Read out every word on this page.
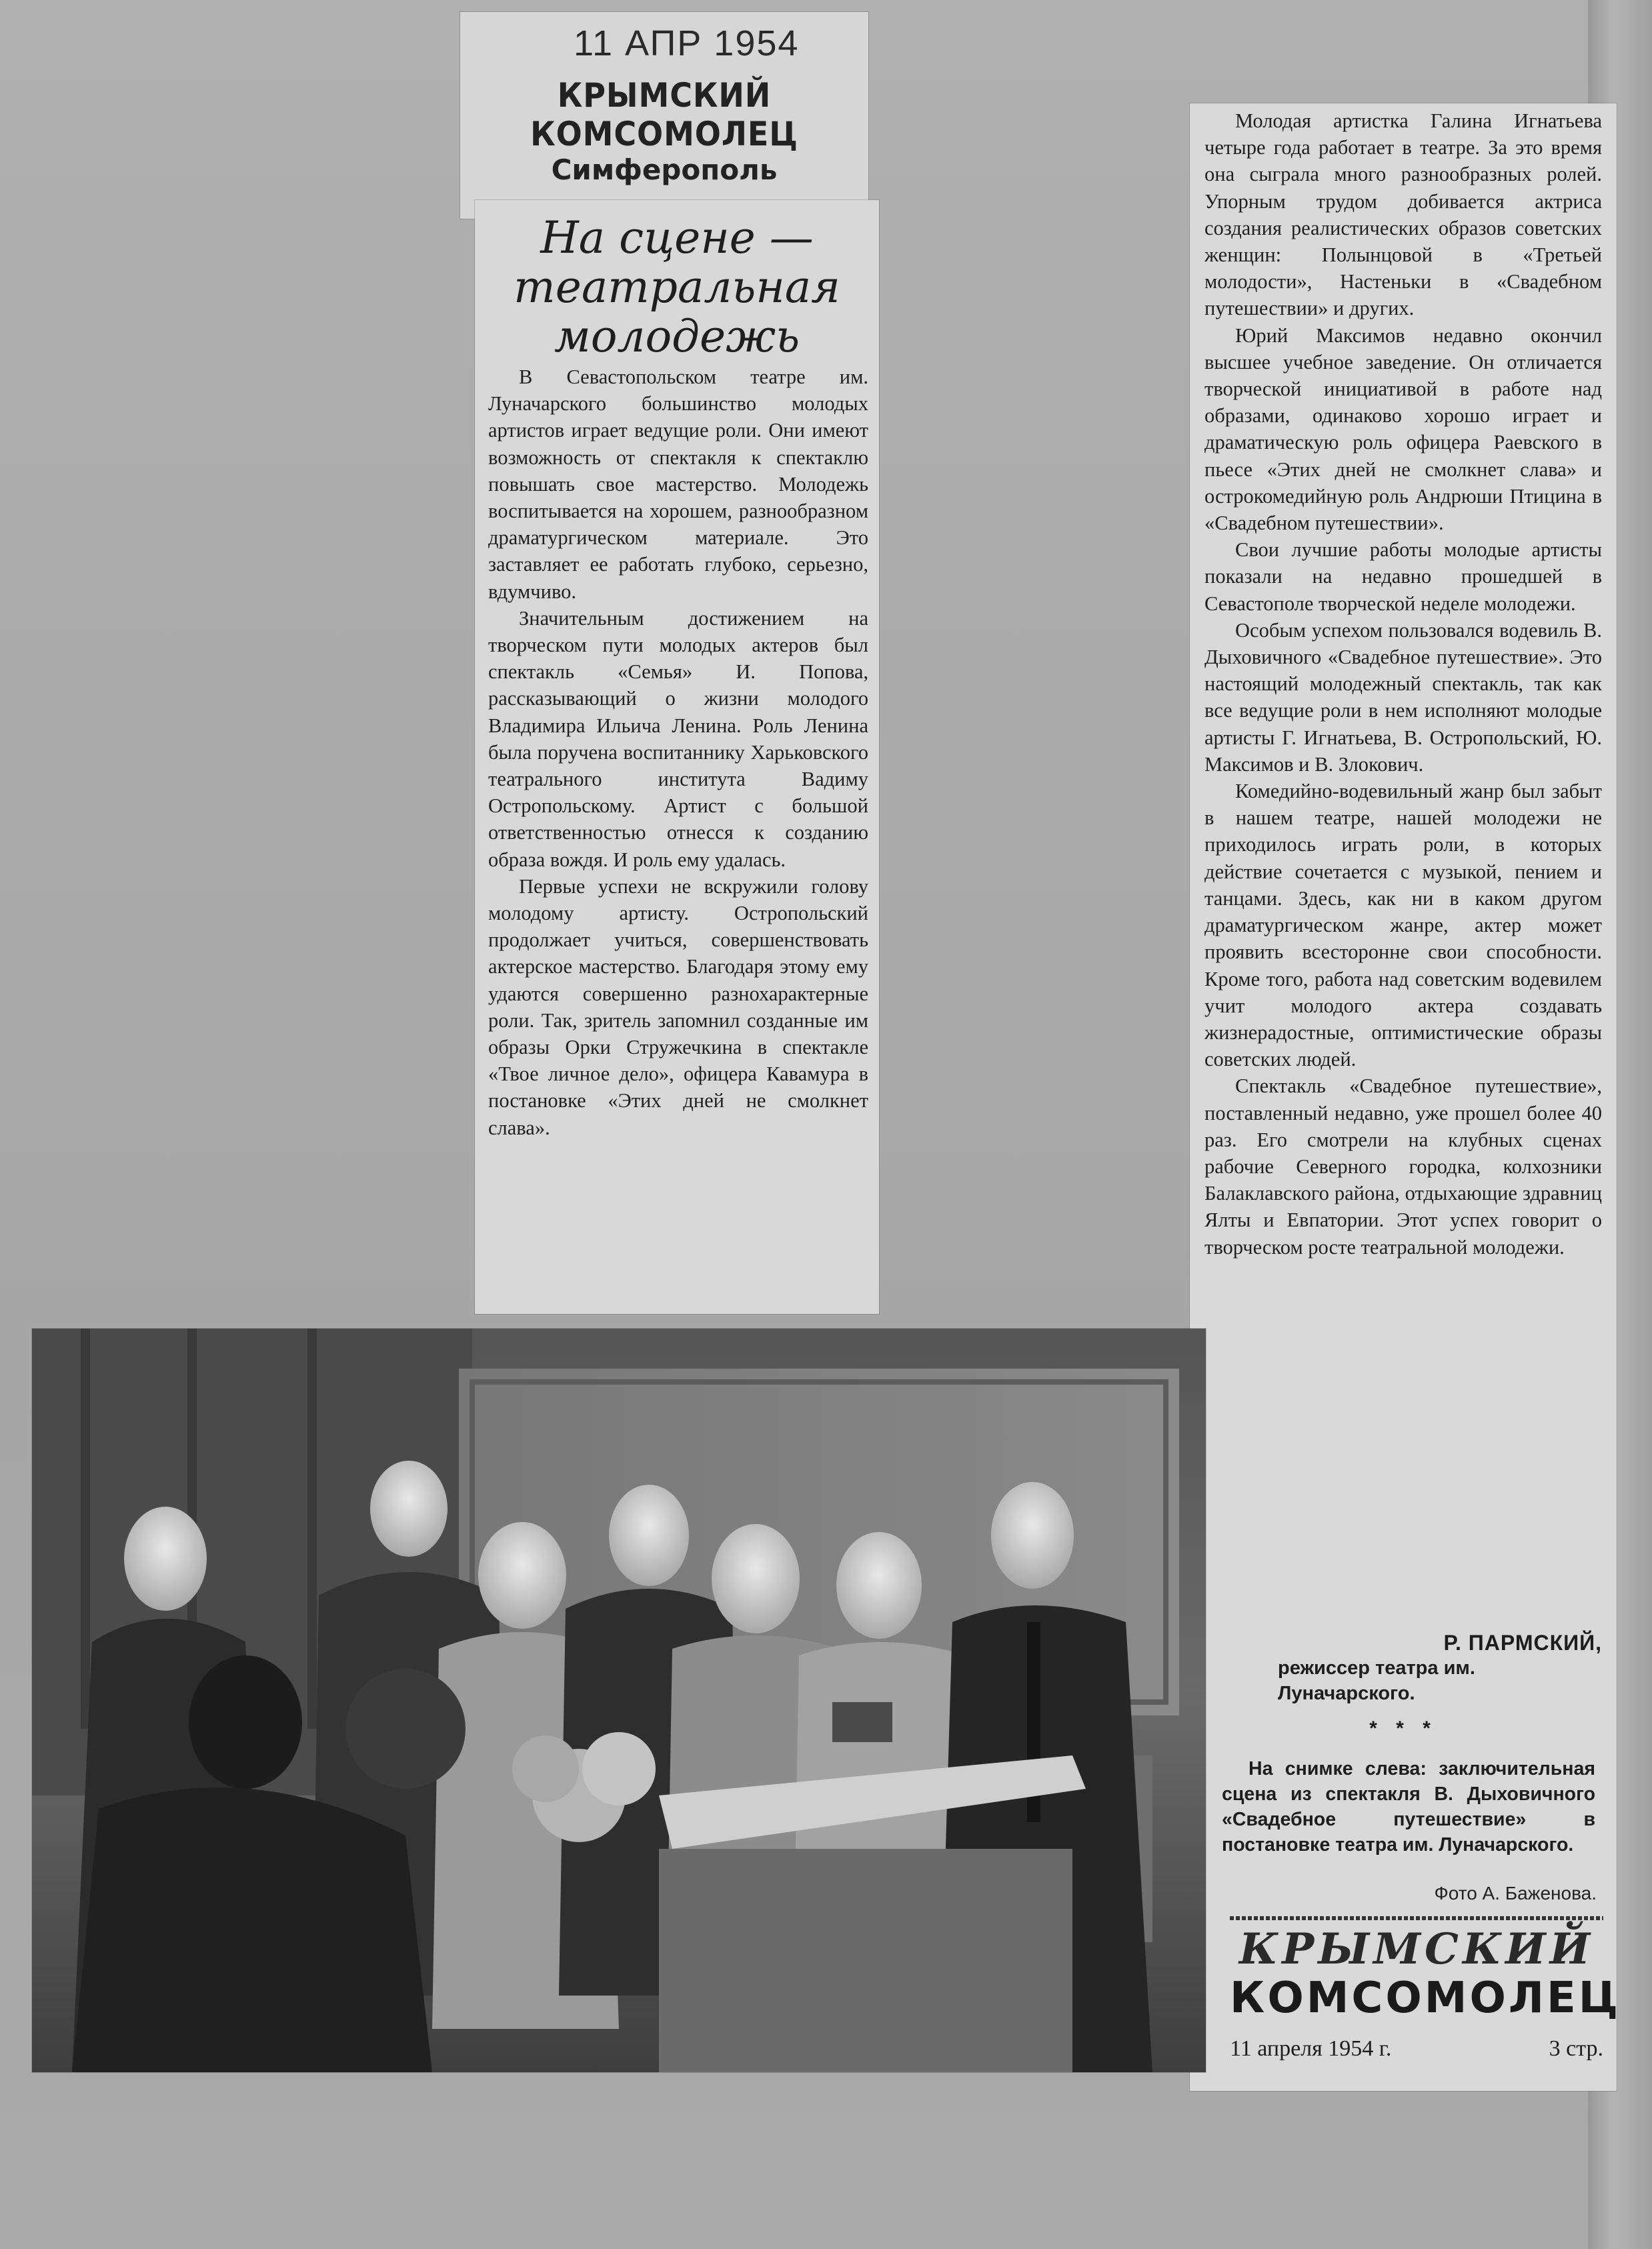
11 АПР 1954
КРЫМСКИЙ КОМСОМОЛЕЦ
Симферополь
На сцене —
театральная
молодежь

В Севастопольском театре им. Луначарского большинство молодых артистов играет ведущие роли. Они имеют возможность от спектакля к спектаклю повышать свое мастерство. Молодежь воспитывается на хорошем, разнообразном драматургическом материале. Это заставляет ее работать глубоко, серьезно, вдумчиво.

Значительным достижением на творческом пути молодых актеров был спектакль «Семья» И. Попова, рассказывающий о жизни молодого Владимира Ильича Ленина. Роль Ленина была поручена воспитаннику Харьковского театрального института Вадиму Остропольскому. Артист с большой ответственностью отнесся к созданию образа вождя. И роль ему удалась.

Первые успехи не вскружили голову молодому артисту. Остропольский продолжает учиться, совершенствовать актерское мастерство. Благодаря этому ему удаются совершенно разнохарактерные роли. Так, зритель запомнил созданные им образы Орки Стружечкина в спектакле «Твое личное дело», офицера Кавамура в постановке «Этих дней не смолкнет слава».

Молодая артистка Галина Игнатьева четыре года работает в театре. За это время она сыграла много разнообразных ролей. Упорным трудом добивается актриса создания реалистических образов советских женщин: Полынцовой в «Третьей молодости», Настеньки в «Свадебном путешествии» и других.

Юрий Максимов недавно окончил высшее учебное заведение. Он отличается творческой инициативой в работе над образами, одинаково хорошо играет и драматическую роль офицера Раевского в пьесе «Этих дней не смолкнет слава» и острокомедийную роль Андрюши Птицина в «Свадебном путешествии».

Свои лучшие работы молодые артисты показали на недавно прошедшей в Севастополе творческой неделе молодежи.

Особым успехом пользовался водевиль В. Дыховичного «Свадебное путешествие». Это настоящий молодежный спектакль, так как все ведущие роли в нем исполняют молодые артисты Г. Игнатьева, В. Остропольский, Ю. Максимов и В. Злокович.

Комедийно-водевильный жанр был забыт в нашем театре, нашей молодежи не приходилось играть роли, в которых действие сочетается с музыкой, пением и танцами. Здесь, как ни в каком другом драматургическом жанре, актер может проявить всесторонне свои способности. Кроме того, работа над советским водевилем учит молодого актера создавать жизнерадостные, оптимистические образы советских людей.

Спектакль «Свадебное путешествие», поставленный недавно, уже прошел более 40 раз. Его смотрели на клубных сценах рабочие Северного городка, колхозники Балаклавского района, отдыхающие здравниц Ялты и Евпатории. Этот успех говорит о творческом росте театральной молодежи.

Р. ПАРМСКИЙ,
режиссер театра им. Луначарского.
* * *

На снимке слева: заключительная сцена из спектакля В. Дыховичного «Свадебное путешествие» в постановке театра им. Луначарского.

Фото А. Баженова.
КРЫМСКИЙ
КОМСОМОЛЕЦ
11 апреля 1954 г.	3 стр.
